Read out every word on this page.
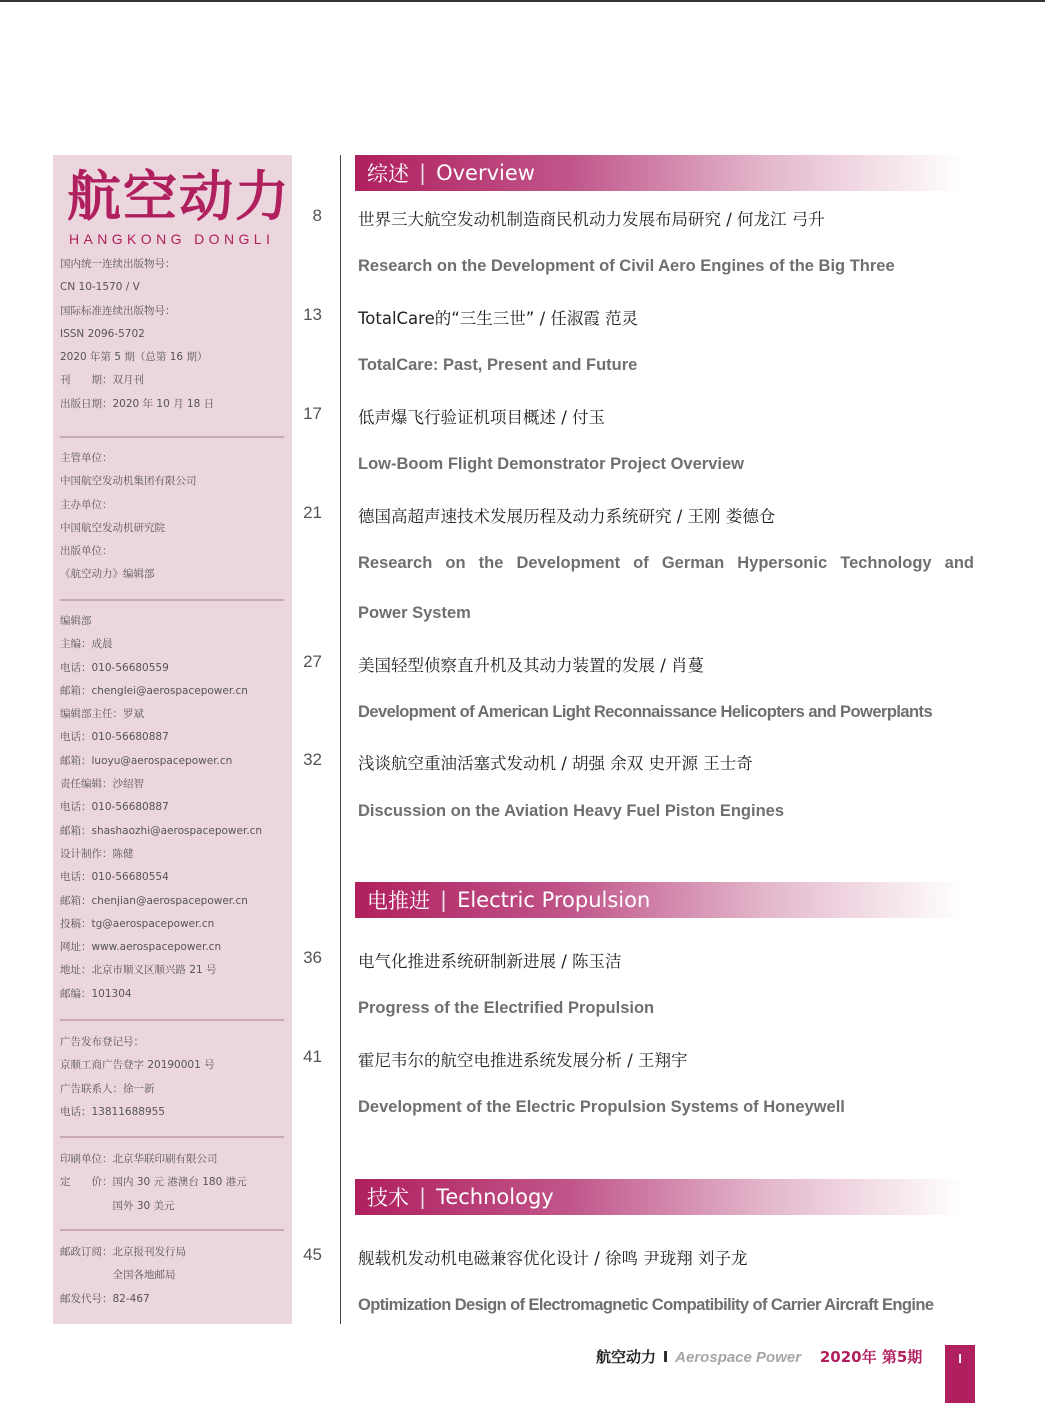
航空动力
HANGKONG DONGLI
国内统一连续出版物号：
CN 10-1570 / V
国际标准连续出版物号：
ISSN 2096-5702
2020 年第 5 期（总第 16 期）
刊　　期：双月刊
出版日期：2020 年 10 月 18 日
主管单位：
中国航空发动机集团有限公司
主办单位：
中国航空发动机研究院
出版单位：
《航空动力》编辑部
编辑部
主编：成晨
电话：010-56680559
邮箱：chenglei@aerospacepower.cn
编辑部主任：罗斌
电话：010-56680887
邮箱：luoyu@aerospacepower.cn
责任编辑：沙绍智
电话：010-56680887
邮箱：shashaozhi@aerospacepower.cn
设计制作：陈健
电话：010-56680554
邮箱：chenjian@aerospacepower.cn
投稿：tg@aerospacepower.cn
网址：www.aerospacepower.cn
地址：北京市顺义区顺兴路 21 号
邮编：101304
广告发布登记号：
京顺工商广告登字 20190001 号
广告联系人：徐一新
电话：13811688955
印刷单位：北京华联印刷有限公司
定　　价：国内 30 元 港澳台 180 港元
　　　　　国外 30 美元
邮政订阅：北京报刊发行局
　　　　　全国各地邮局
邮发代号：82-467
综述 | Overview
8 世界三大航空发动机制造商民机动力发展布局研究 / 何龙江 弓升
Research on the Development of Civil Aero Engines of the Big Three
13 TotalCare的“三生三世” / 任淑霞 范灵
TotalCare: Past, Present and Future
17 低声爆飞行验证机项目概述 / 付玉
Low-Boom Flight Demonstrator Project Overview
21 德国高超声速技术发展历程及动力系统研究 / 王刚 娄德仓
Research on the Development of German Hypersonic Technology and
Power System
27 美国轻型侦察直升机及其动力装置的发展 / 肖蔓
Development of American Light Reconnaissance Helicopters and Powerplants
32 浅谈航空重油活塞式发动机 / 胡强 余双 史开源 王士奇
Discussion on the Aviation Heavy Fuel Piston Engines
电推进 | Electric Propulsion
36 电气化推进系统研制新进展 / 陈玉洁
Progress of the Electrified Propulsion
41 霍尼韦尔的航空电推进系统发展分析 / 王翔宇
Development of the Electric Propulsion Systems of Honeywell
技术 | Technology
45 舰载机发动机电磁兼容优化设计 / 徐鸣 尹珑翔 刘子龙
Optimization Design of Electromagnetic Compatibility of Carrier Aircraft Engine
航空动力 I Aerospace Power 2020年 第5期	I
